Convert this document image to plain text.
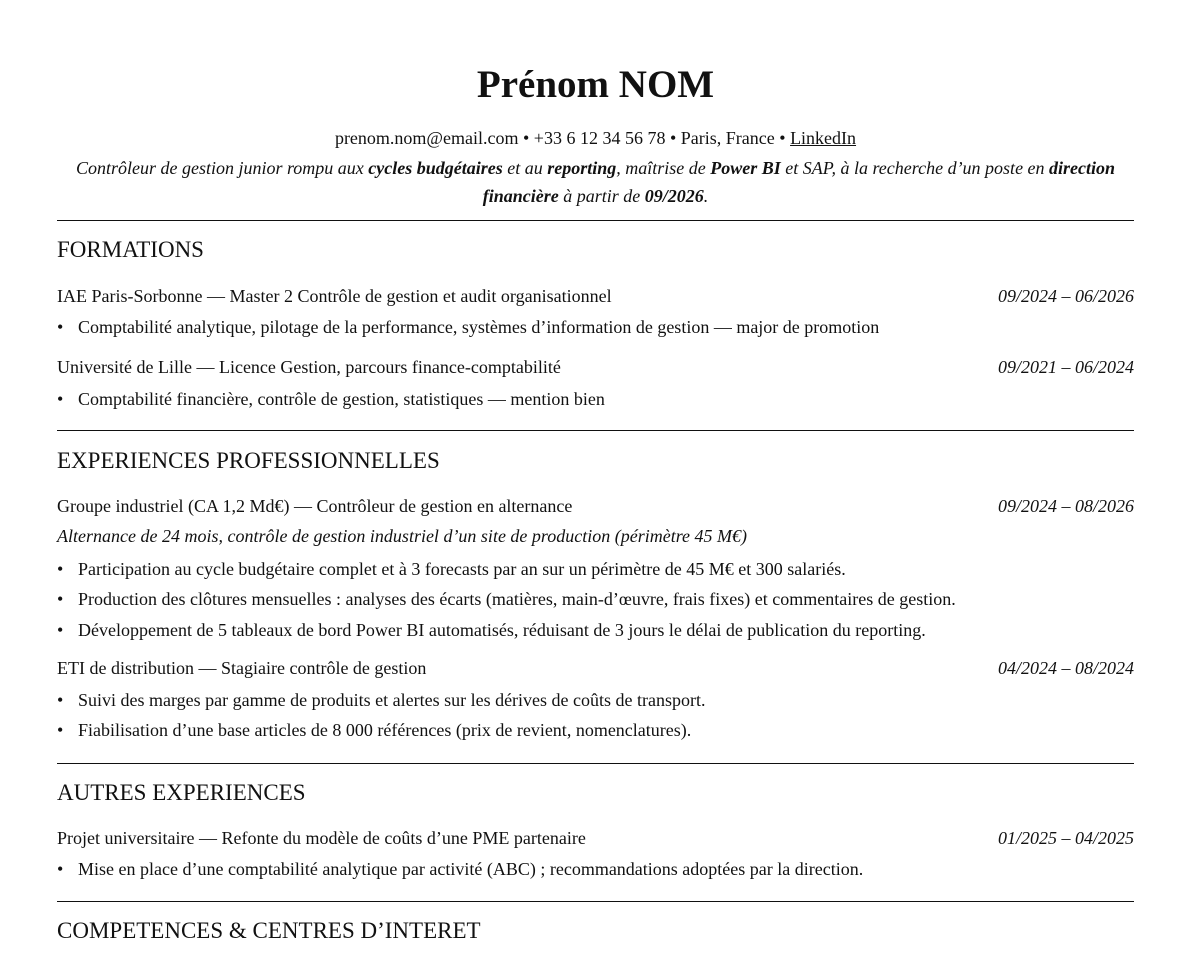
Prénom NOM
prenom.nom@email.com • +33 6 12 34 56 78 • Paris, France • LinkedIn
Contrôleur de gestion junior rompu aux cycles budgétaires et au reporting, maîtrise de Power BI et SAP, à la recherche d’un poste en direction financière à partir de 09/2026.
FORMATIONS
IAE Paris-Sorbonne — Master 2 Contrôle de gestion et audit organisationnel	09/2024 – 06/2026
• Comptabilité analytique, pilotage de la performance, systèmes d’information de gestion — major de promotion
Université de Lille — Licence Gestion, parcours finance-comptabilité	09/2021 – 06/2024
• Comptabilité financière, contrôle de gestion, statistiques — mention bien
EXPERIENCES PROFESSIONNELLES
Groupe industriel (CA 1,2 Md€) — Contrôleur de gestion en alternance	09/2024 – 08/2026
Alternance de 24 mois, contrôle de gestion industriel d’un site de production (périmètre 45 M€)
• Participation au cycle budgétaire complet et à 3 forecasts par an sur un périmètre de 45 M€ et 300 salariés.
• Production des clôtures mensuelles : analyses des écarts (matières, main-d’œuvre, frais fixes) et commentaires de gestion.
• Développement de 5 tableaux de bord Power BI automatisés, réduisant de 3 jours le délai de publication du reporting.
ETI de distribution — Stagiaire contrôle de gestion	04/2024 – 08/2024
• Suivi des marges par gamme de produits et alertes sur les dérives de coûts de transport.
• Fiabilisation d’une base articles de 8 000 références (prix de revient, nomenclatures).
AUTRES EXPERIENCES
Projet universitaire — Refonte du modèle de coûts d’une PME partenaire	01/2025 – 04/2025
• Mise en place d’une comptabilité analytique par activité (ABC) ; recommandations adoptées par la direction.
COMPETENCES & CENTRES D’INTERET
